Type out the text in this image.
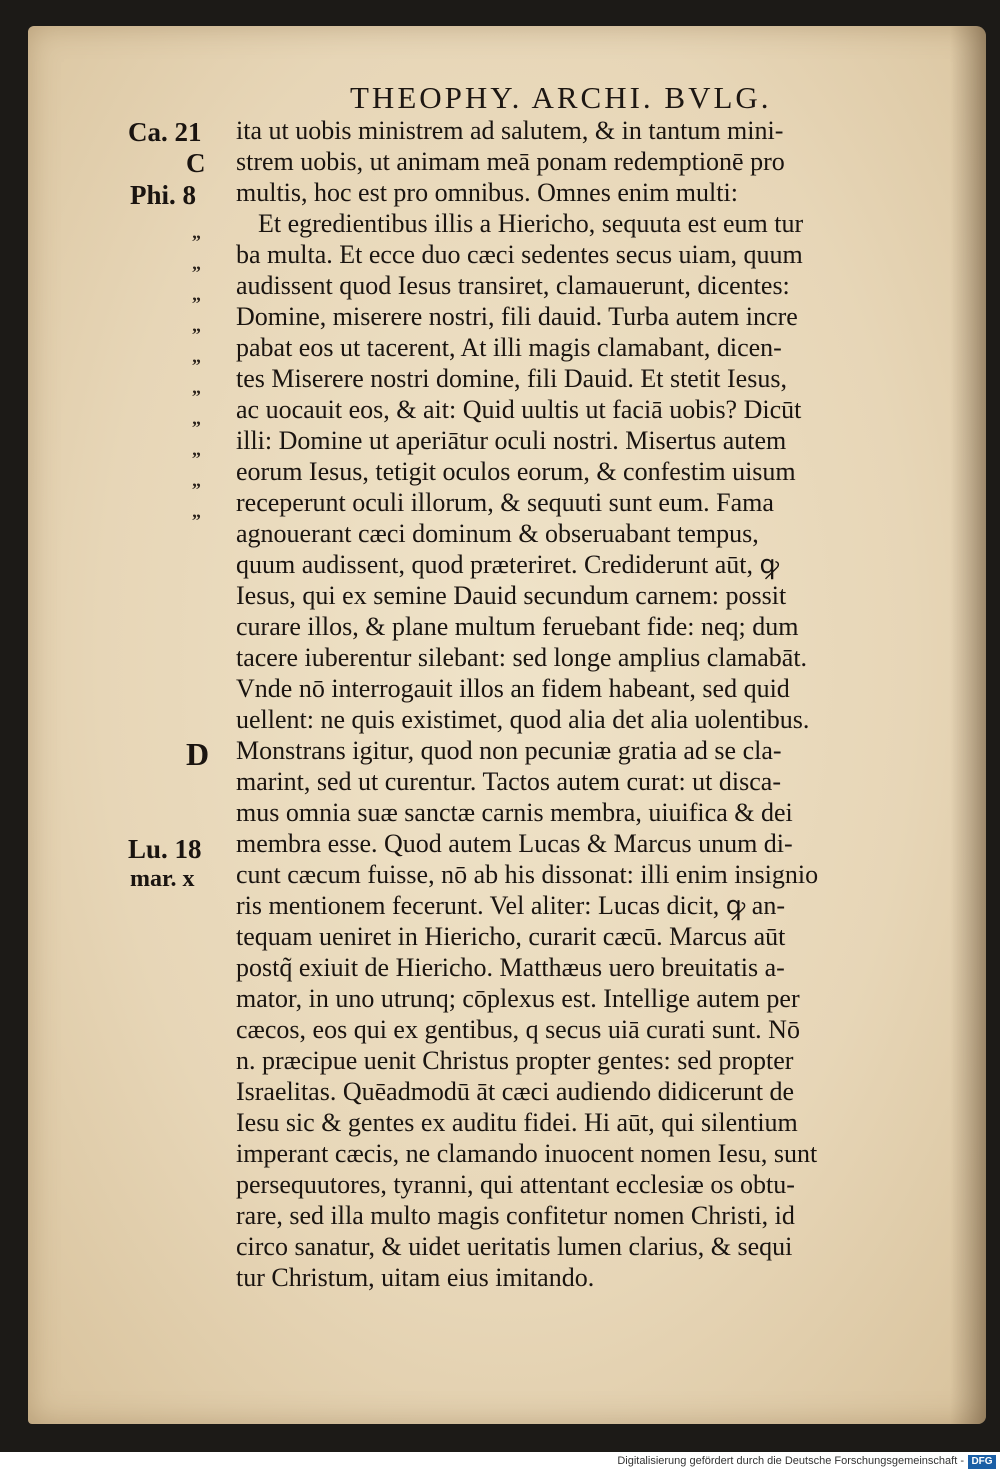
THEOPHY. ARCHI. BVLG.
Ca. 21
C
Phi. 8
D
Lu. 18
mar. x
„
„
„
„
„
„
„
„
„
„
ita ut uobis ministrem ad salutem, & in tantum mini-
strem uobis, ut animam meā ponam redemptionē pro
multis, hoc est pro omnibus. Omnes enim multi:
Et egredientibus illis a Hiericho, sequuta est eum tur
ba multa. Et ecce duo cæci sedentes secus uiam, quum
audissent quod Iesus transiret, clamauerunt, dicentes:
Domine, miserere nostri, fili dauid. Turba autem incre
pabat eos ut tacerent, At illi magis clamabant, dicen-
tes Miserere nostri domine, fili Dauid. Et stetit Iesus,
ac uocauit eos, & ait: Quid uultis ut faciā uobis? Dicūt
illi: Domine ut aperiātur oculi nostri. Misertus autem
eorum Iesus, tetigit oculos eorum, & confestim uisum
receperunt oculi illorum, & sequuti sunt eum. Fama
agnouerant cæci dominum & obseruabant tempus,
quum audissent, quod præteriret. Crediderunt aūt, ꝙ
Iesus, qui ex semine Dauid secundum carnem: possit
curare illos, & plane multum feruebant fide: neq; dum
tacere iuberentur silebant: sed longe amplius clamabāt.
Vnde nō interrogauit illos an fidem habeant, sed quid
uellent: ne quis existimet, quod alia det alia uolentibus.
Monstrans igitur, quod non pecuniæ gratia ad se cla-
marint, sed ut curentur. Tactos autem curat: ut disca-
mus omnia suæ sanctæ carnis membra, uiuifica & dei
membra esse. Quod autem Lucas & Marcus unum di-
cunt cæcum fuisse, nō ab his dissonat: illi enim insignio
ris mentionem fecerunt. Vel aliter: Lucas dicit, ꝙ an-
tequam ueniret in Hiericho, curarit cæcū. Marcus aūt
postq̃ exiuit de Hiericho. Matthæus uero breuitatis a-
mator, in uno utrunq; cōplexus est. Intellige autem per
cæcos, eos qui ex gentibus, q secus uiā curati sunt. Nō
n. præcipue uenit Christus propter gentes: sed propter
Israelitas. Quēadmodū āt cæci audiendo didicerunt de
Iesu sic & gentes ex auditu fidei. Hi aūt, qui silentium
imperant cæcis, ne clamando inuocent nomen Iesu, sunt
persequutores, tyranni, qui attentant ecclesiæ os obtu-
rare, sed illa multo magis confitetur nomen Christi, id
circo sanatur, & uidet ueritatis lumen clarius, & sequi
tur Christum, uitam eius imitando.
Digitalisierung gefördert durch die Deutsche Forschungsgemeinschaft - DFG
